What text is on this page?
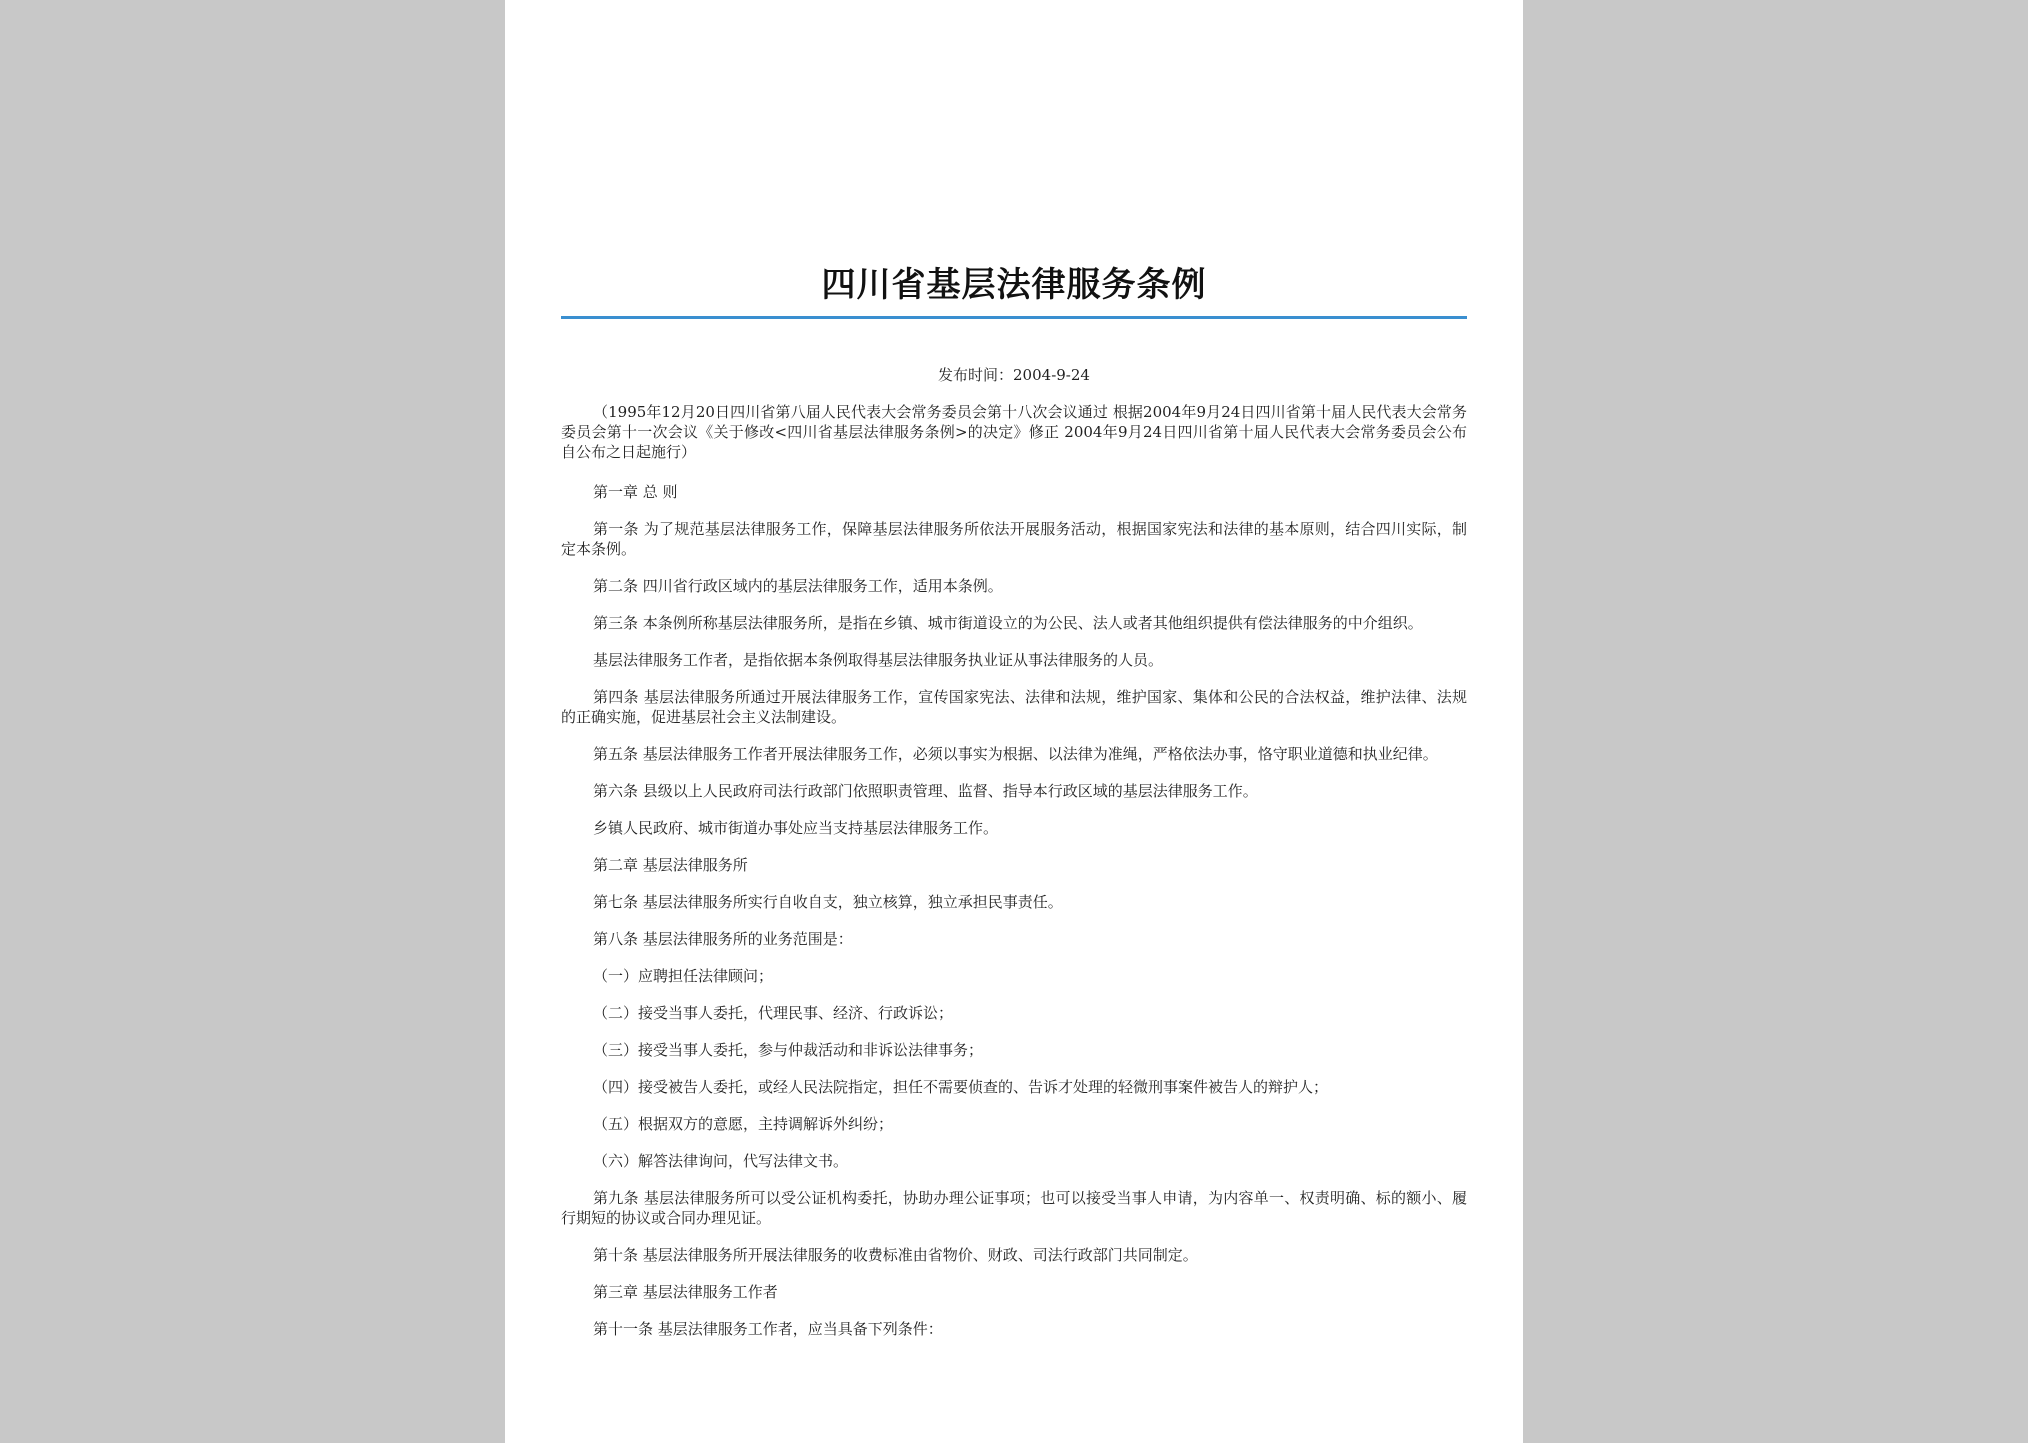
四川省基层法律服务条例
发布时间：2004-9-24

（1995年12月20日四川省第八届人民代表大会常务委员会第十八次会议通过 根据2004年9月24日四川省第十届人民代表大会常务委员会第十一次会议《关于修改<四川省基层法律服务条例>的决定》修正 2004年9月24日四川省第十届人民代表大会常务委员会公布 自公布之日起施行）

第一章 总 则

第一条 为了规范基层法律服务工作，保障基层法律服务所依法开展服务活动，根据国家宪法和法律的基本原则，结合四川实际，制定本条例。

第二条 四川省行政区域内的基层法律服务工作，适用本条例。

第三条 本条例所称基层法律服务所，是指在乡镇、城市街道设立的为公民、法人或者其他组织提供有偿法律服务的中介组织。

基层法律服务工作者，是指依据本条例取得基层法律服务执业证从事法律服务的人员。

第四条 基层法律服务所通过开展法律服务工作，宣传国家宪法、法律和法规，维护国家、集体和公民的合法权益，维护法律、法规的正确实施，促进基层社会主义法制建设。

第五条 基层法律服务工作者开展法律服务工作，必须以事实为根据、以法律为准绳，严格依法办事，恪守职业道德和执业纪律。

第六条 县级以上人民政府司法行政部门依照职责管理、监督、指导本行政区域的基层法律服务工作。

乡镇人民政府、城市街道办事处应当支持基层法律服务工作。

第二章 基层法律服务所

第七条 基层法律服务所实行自收自支，独立核算，独立承担民事责任。

第八条 基层法律服务所的业务范围是：

（一）应聘担任法律顾问；

（二）接受当事人委托，代理民事、经济、行政诉讼；

（三）接受当事人委托，参与仲裁活动和非诉讼法律事务；

（四）接受被告人委托，或经人民法院指定，担任不需要侦查的、告诉才处理的轻微刑事案件被告人的辩护人；

（五）根据双方的意愿，主持调解诉外纠纷；

（六）解答法律询问，代写法律文书。

第九条 基层法律服务所可以受公证机构委托，协助办理公证事项；也可以接受当事人申请，为内容单一、权责明确、标的额小、履行期短的协议或合同办理见证。

第十条 基层法律服务所开展法律服务的收费标准由省物价、财政、司法行政部门共同制定。

第三章 基层法律服务工作者

第十一条 基层法律服务工作者，应当具备下列条件：
